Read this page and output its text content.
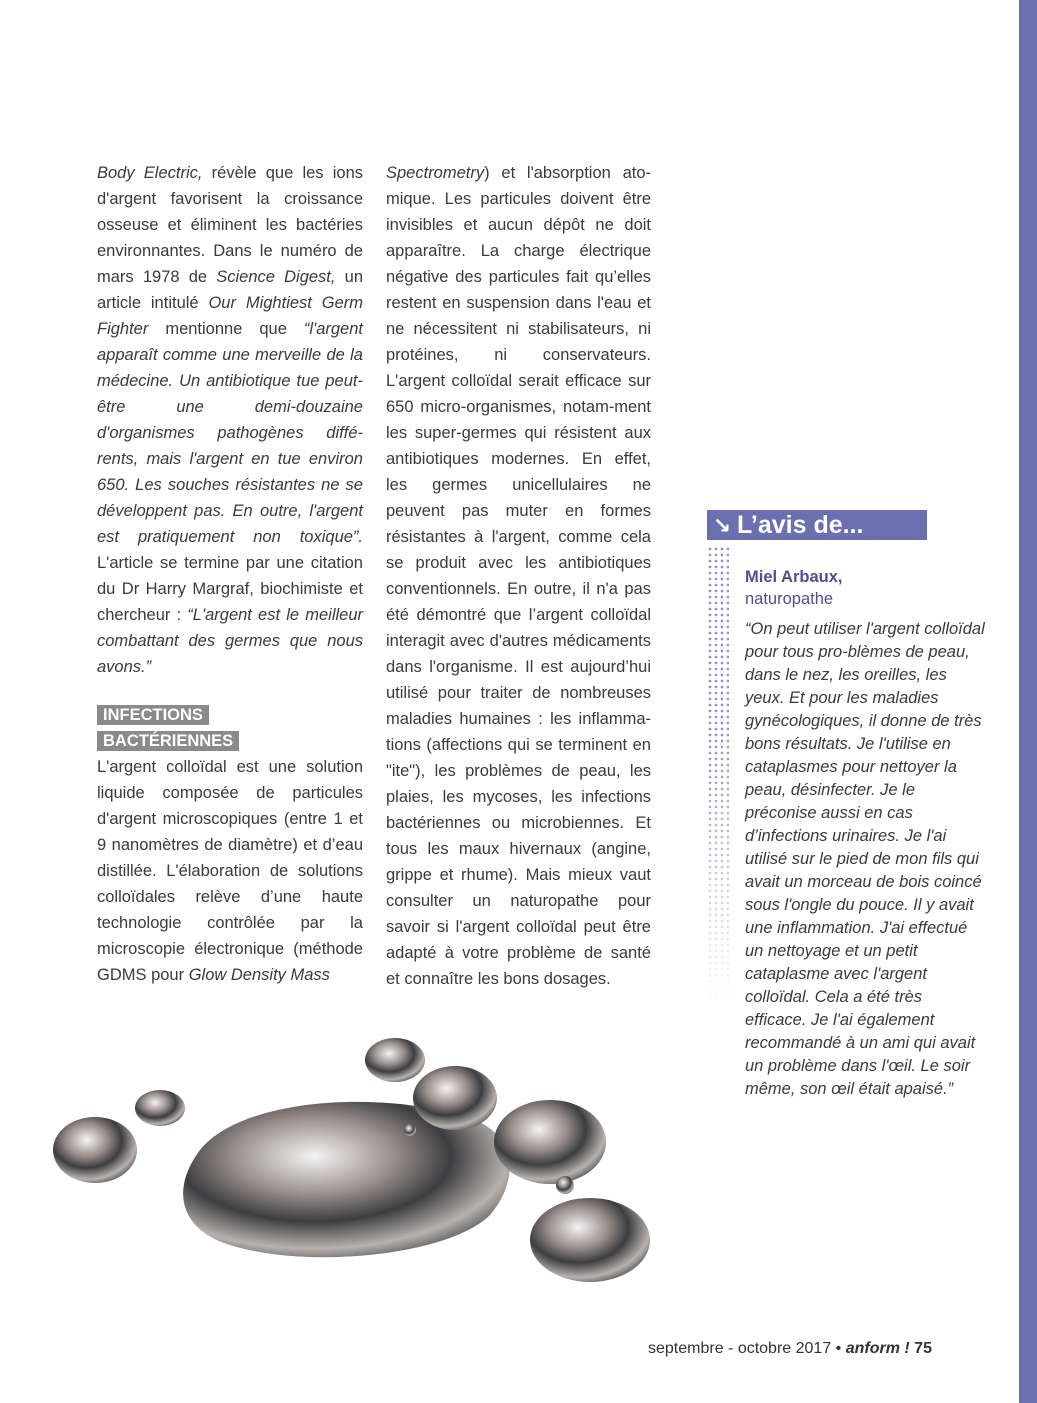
Body Electric, révèle que les ions d'argent favorisent la croissance osseuse et éliminent les bactéries environnantes. Dans le numéro de mars 1978 de Science Digest, un article intitulé Our Mightiest Germ Fighter mentionne que “l'argent apparaît comme une merveille de la médecine. Un antibiotique tue peut-être une demi-douzaine d'organismes pathogènes diffé-rents, mais l'argent en tue environ 650. Les souches résistantes ne se développent pas. En outre, l'argent est pratiquement non toxique”. L'article se termine par une citation du Dr Harry Margraf, biochimiste et chercheur : “L'argent est le meilleur combattant des germes que nous avons.”

INFECTIONS
BACTÉRIENNES

L'argent colloïdal est une solution liquide composée de particules d'argent microscopiques (entre 1 et 9 nanomètres de diamètre) et d’eau distillée. L'élaboration de solutions colloïdales relève d’une haute technologie contrôlée par la microscopie électronique (méthode GDMS pour Glow Density Mass

Spectrometry) et l'absorption ato-mique. Les particules doivent être invisibles et aucun dépôt ne doit apparaître. La charge électrique négative des particules fait qu’elles restent en suspension dans l'eau et ne nécessitent ni stabilisateurs, ni protéines, ni conservateurs. L'argent colloïdal serait efficace sur 650 micro-organismes, notam-ment les super-germes qui résistent aux antibiotiques modernes. En effet, les germes unicellulaires ne peuvent pas muter en formes résistantes à l'argent, comme cela se produit avec les antibiotiques conventionnels. En outre, il n'a pas été démontré que l’argent colloïdal interagit avec d'autres médicaments dans l'organisme. Il est aujourd’hui utilisé pour traiter de nombreuses maladies humaines : les inflamma-tions (affections qui se terminent en "ite"), les problèmes de peau, les plaies, les mycoses, les infections bactériennes ou microbiennes. Et tous les maux hivernaux (angine, grippe et rhume). Mais mieux vaut consulter un naturopathe pour savoir si l'argent colloïdal peut être adapté à votre problème de santé et connaître les bons dosages.

↘ L’avis de...
Miel Arbaux,
naturopathe
“On peut utiliser l'argent colloïdal pour tous pro-blèmes de peau, dans le nez, les oreilles, les yeux. Et pour les maladies gynécologiques, il donne de très bons résultats. Je l'utilise en cataplasmes pour nettoyer la peau, désinfecter. Je le préconise aussi en cas d’infections urinaires. Je l'ai utilisé sur le pied de mon fils qui avait un morceau de bois coincé sous l'ongle du pouce. Il y avait une inflammation. J'ai effectué un nettoyage et un petit cataplasme avec l'argent colloïdal. Cela a été très efficace. Je l'ai également recommandé à un ami qui avait un problème dans l'œil. Le soir même, son œil était apaisé.”
septembre - octobre 2017 • anform ! 75
